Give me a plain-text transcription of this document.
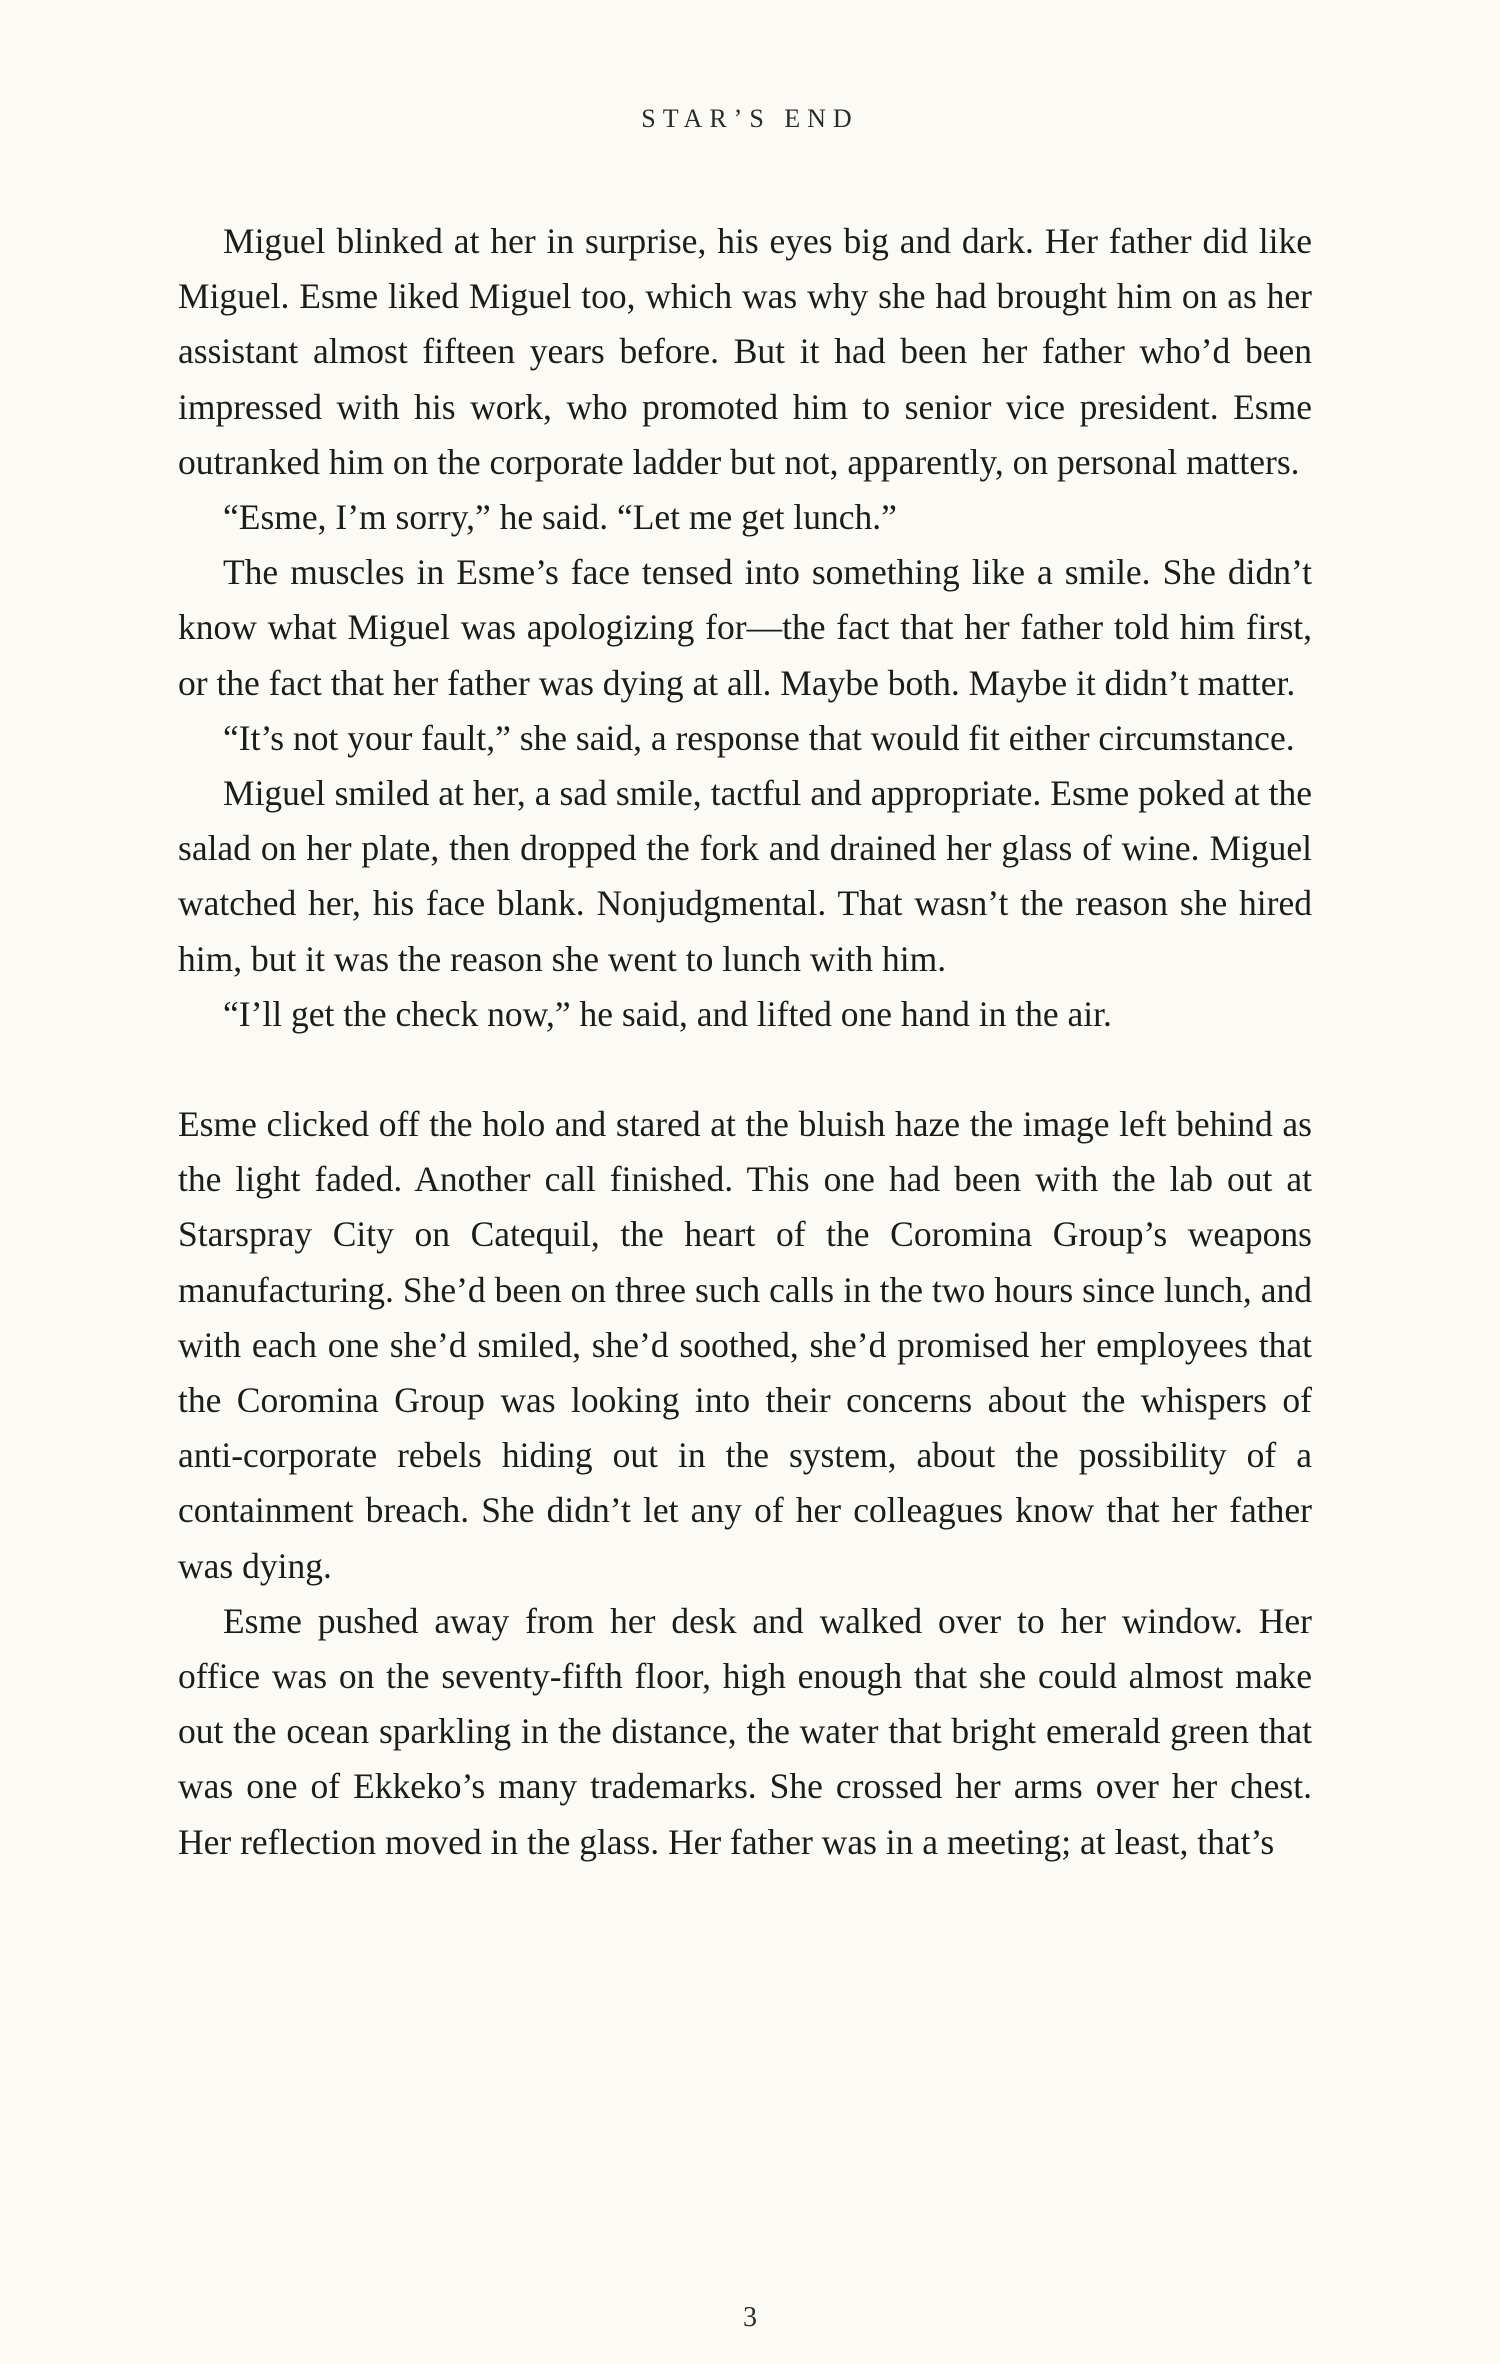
STAR’S END

Miguel blinked at her in surprise, his eyes big and dark. Her father did like Miguel. Esme liked Miguel too, which was why she had brought him on as her assistant almost fifteen years before. But it had been her father who’d been impressed with his work, who promoted him to senior vice president. Esme outranked him on the corporate ladder but not, apparently, on personal matters.

“Esme, I’m sorry,” he said. “Let me get lunch.”

The muscles in Esme’s face tensed into something like a smile. She didn’t know what Miguel was apologizing for—the fact that her father told him first, or the fact that her father was dying at all. Maybe both. Maybe it didn’t matter.

“It’s not your fault,” she said, a response that would fit either circumstance.

Miguel smiled at her, a sad smile, tactful and appropriate. Esme poked at the salad on her plate, then dropped the fork and drained her glass of wine. Miguel watched her, his face blank. Nonjudgmental. That wasn’t the reason she hired him, but it was the reason she went to lunch with him.

“I’ll get the check now,” he said, and lifted one hand in the air.

Esme clicked off the holo and stared at the bluish haze the image left behind as the light faded. Another call finished. This one had been with the lab out at Starspray City on Catequil, the heart of the Coromina Group’s weapons manufacturing. She’d been on three such calls in the two hours since lunch, and with each one she’d smiled, she’d soothed, she’d promised her employees that the Coromina Group was looking into their concerns about the whispers of anti-corporate rebels hiding out in the system, about the possibility of a containment breach. She didn’t let any of her colleagues know that her father was dying.

Esme pushed away from her desk and walked over to her window. Her office was on the seventy-fifth floor, high enough that she could almost make out the ocean sparkling in the distance, the water that bright emerald green that was one of Ekkeko’s many trademarks. She crossed her arms over her chest. Her reflection moved in the glass. Her father was in a meeting; at least, that’s

3
